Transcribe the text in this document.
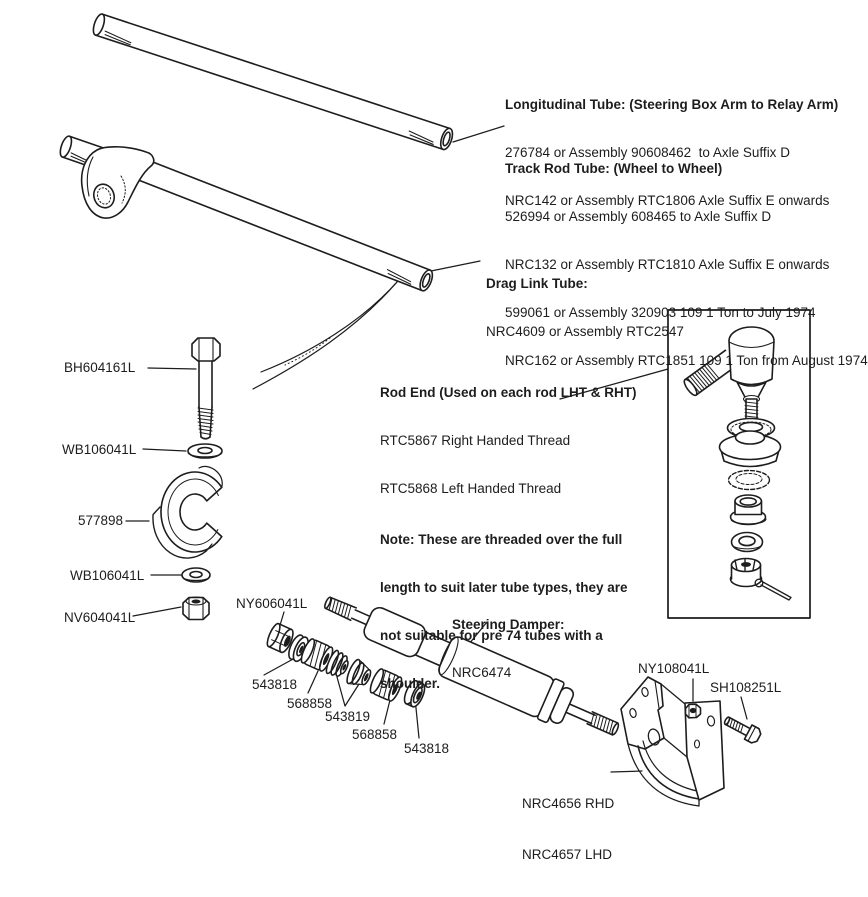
Longitudinal Tube: (Steering Box Arm to Relay Arm)

276784 or Assembly 90608462  to Axle Suffix D

NRC142 or Assembly RTC1806 Axle Suffix E onwards

Track Rod Tube: (Wheel to Wheel)

526994 or Assembly 608465 to Axle Suffix D

NRC132 or Assembly RTC1810 Axle Suffix E onwards

599061 or Assembly 320903 109 1 Ton to July 1974

NRC162 or Assembly RTC1851 109 1 Ton from August 1974

Drag Link Tube:

NRC4609 or Assembly RTC2547

Rod End (Used on each rod LHT & RHT)

RTC5867 Right Handed Thread

RTC5868 Left Handed Thread

Note: These are threaded over the full

length to suit later tube types, they are

not suitable for pre 74 tubes with a

shoulder.

Steering Damper:

NRC6474

NRC4656 RHD

NRC4657 LHD

BH604161L
WB106041L
577898
WB106041L
NV604041L
NY606041L
543818
568858
543819
568858
543818
NY108041L
SH108251L
